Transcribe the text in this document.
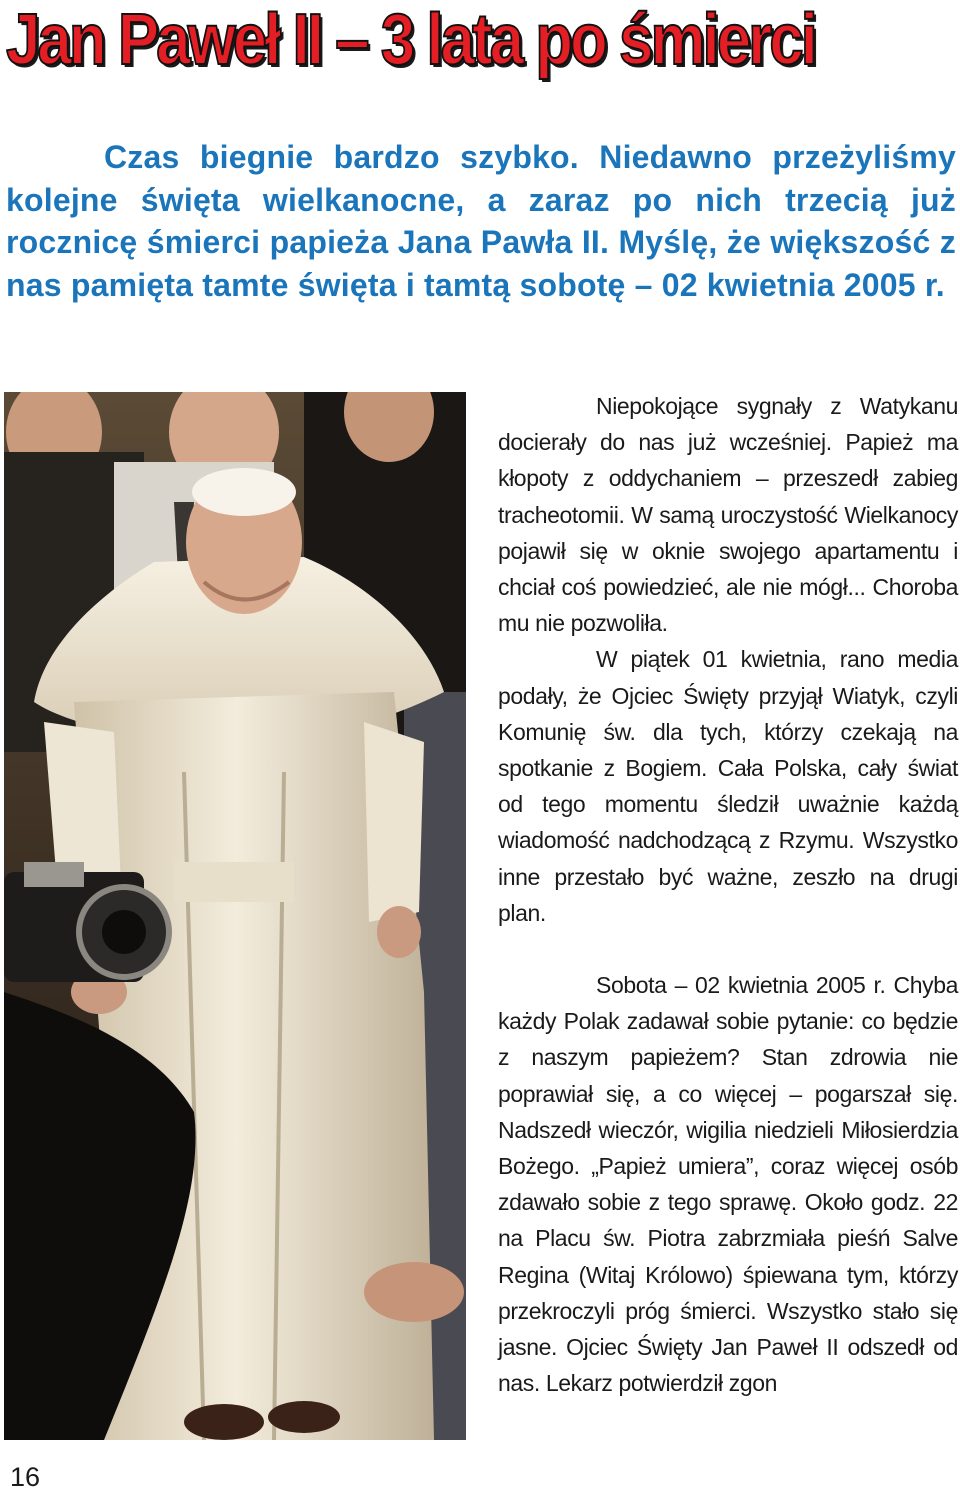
Jan Paweł II – 3 lata po śmierci

Czas biegnie bardzo szybko. Niedawno przeżyliśmy kolejne święta wielkanocne, a zaraz po nich trzecią już rocznicę śmierci papieża Jana Pawła II. Myślę, że większość z nas pamięta tamte święta i tamtą sobotę – 02 kwietnia 2005 r.

Niepokojące sygnały z Watykanu docierały do nas już wcześniej. Papież ma kłopoty z oddychaniem – przeszedł zabieg tracheotomii. W samą uroczystość Wielkanocy pojawił się w oknie swojego apartamentu i chciał coś powiedzieć, ale nie mógł... Choroba mu nie pozwoliła.

W piątek 01 kwietnia, rano media podały, że Ojciec Święty przyjął Wiatyk, czyli Komunię św. dla tych, którzy czekają na spotkanie z Bogiem. Cała Polska, cały świat od tego momentu śledził uważnie każdą wiadomość nadchodzącą z Rzymu. Wszystko inne przestało być ważne, zeszło na drugi plan.

Sobota – 02 kwietnia 2005 r. Chyba każdy Polak zadawał sobie pytanie: co będzie z naszym papieżem? Stan zdrowia nie poprawiał się, a co więcej – pogarszał się. Nadszedł wieczór, wigilia niedzieli Miłosierdzia Bożego. „Papież umiera”, coraz więcej osób zdawało sobie z tego sprawę. Około godz. 22 na Placu św. Piotra zabrzmiała pieśń Salve Regina (Witaj Królowo) śpiewana tym, którzy przekroczyli próg śmierci. Wszystko stało się jasne. Ojciec Święty Jan Paweł II odszedł od nas. Lekarz potwierdził zgon

16
